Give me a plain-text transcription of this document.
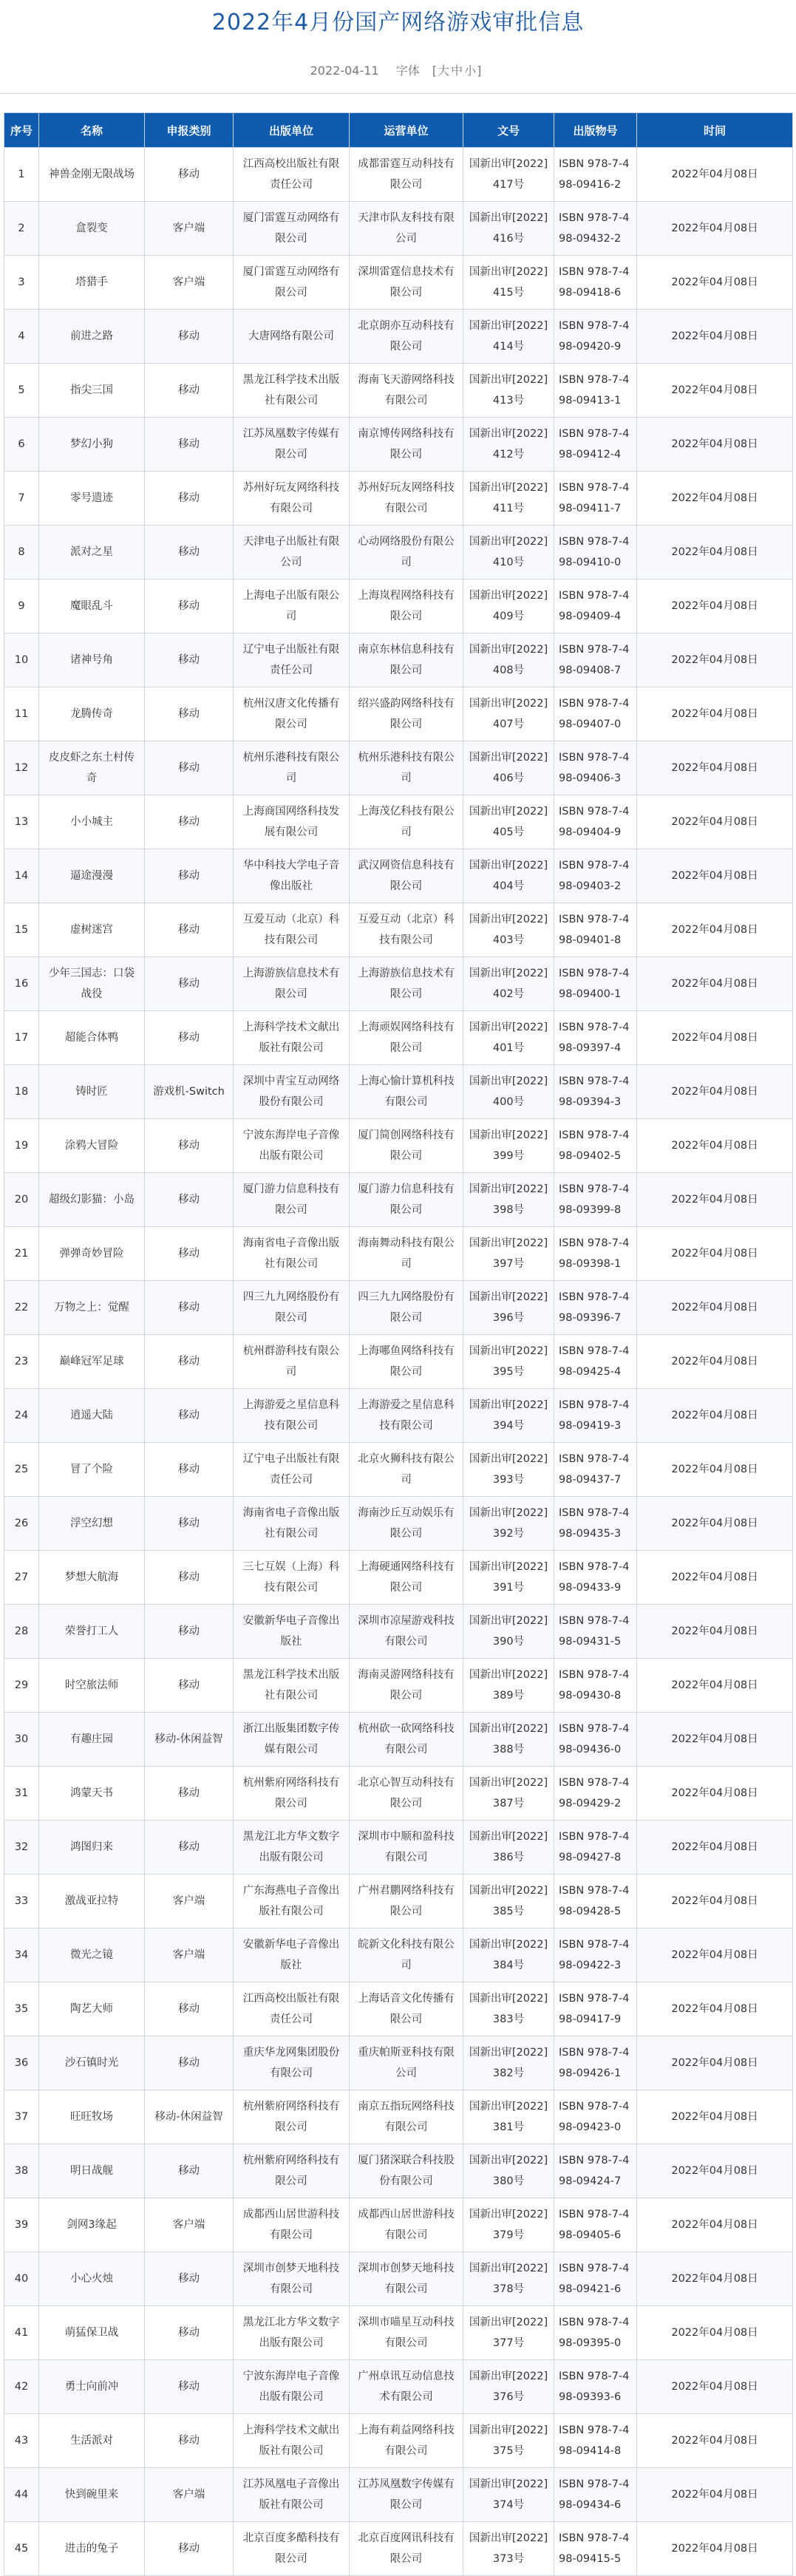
2022年4月份国产网络游戏审批信息
2022-04-11 字体 [大 中 小]
序号	名称	申报类别	出版单位	运营单位	文号	出版物号	时间
1	神兽金刚无限战场	移动	江西高校出版社有限责任公司	成都雷霆互动科技有限公司	国新出审[2022]417号	ISBN 978-7-498-09416-2	2022年04月08日
2	盒裂变	客户端	厦门雷霆互动网络有限公司	天津市队友科技有限公司	国新出审[2022]416号	ISBN 978-7-498-09432-2	2022年04月08日
3	塔猎手	客户端	厦门雷霆互动网络有限公司	深圳雷霆信息技术有限公司	国新出审[2022]415号	ISBN 978-7-498-09418-6	2022年04月08日
4	前进之路	移动	大唐网络有限公司	北京朗亦互动科技有限公司	国新出审[2022]414号	ISBN 978-7-498-09420-9	2022年04月08日
5	指尖三国	移动	黑龙江科学技术出版社有限公司	海南飞天游网络科技有限公司	国新出审[2022]413号	ISBN 978-7-498-09413-1	2022年04月08日
6	梦幻小狗	移动	江苏凤凰数字传媒有限公司	南京博传网络科技有限公司	国新出审[2022]412号	ISBN 978-7-498-09412-4	2022年04月08日
7	零号遗迹	移动	苏州好玩友网络科技有限公司	苏州好玩友网络科技有限公司	国新出审[2022]411号	ISBN 978-7-498-09411-7	2022年04月08日
8	派对之星	移动	天津电子出版社有限公司	心动网络股份有限公司	国新出审[2022]410号	ISBN 978-7-498-09410-0	2022年04月08日
9	魔眼乱斗	移动	上海电子出版有限公司	上海岚程网络科技有限公司	国新出审[2022]409号	ISBN 978-7-498-09409-4	2022年04月08日
10	诸神号角	移动	辽宁电子出版社有限责任公司	南京东林信息科技有限公司	国新出审[2022]408号	ISBN 978-7-498-09408-7	2022年04月08日
11	龙腾传奇	移动	杭州汉唐文化传播有限公司	绍兴盛韵网络科技有限公司	国新出审[2022]407号	ISBN 978-7-498-09407-0	2022年04月08日
12	皮皮虾之东土村传奇	移动	杭州乐港科技有限公司	杭州乐港科技有限公司	国新出审[2022]406号	ISBN 978-7-498-09406-3	2022年04月08日
13	小小城主	移动	上海商国网络科技发展有限公司	上海茂亿科技有限公司	国新出审[2022]405号	ISBN 978-7-498-09404-9	2022年04月08日
14	逼途漫漫	移动	华中科技大学电子音像出版社	武汉网资信息科技有限公司	国新出审[2022]404号	ISBN 978-7-498-09403-2	2022年04月08日
15	虚树迷宫	移动	互爱互动（北京）科技有限公司	互爱互动（北京）科技有限公司	国新出审[2022]403号	ISBN 978-7-498-09401-8	2022年04月08日
16	少年三国志：口袋战役	移动	上海游族信息技术有限公司	上海游族信息技术有限公司	国新出审[2022]402号	ISBN 978-7-498-09400-1	2022年04月08日
17	超能合体鸭	移动	上海科学技术文献出版社有限公司	上海顽娱网络科技有限公司	国新出审[2022]401号	ISBN 978-7-498-09397-4	2022年04月08日
18	铸时匠	游戏机-Switch	深圳中青宝互动网络股份有限公司	上海心愉计算机科技有限公司	国新出审[2022]400号	ISBN 978-7-498-09394-3	2022年04月08日
19	涂鸦大冒险	移动	宁波东海岸电子音像出版有限公司	厦门简创网络科技有限公司	国新出审[2022]399号	ISBN 978-7-498-09402-5	2022年04月08日
20	超级幻影猫：小岛	移动	厦门游力信息科技有限公司	厦门游力信息科技有限公司	国新出审[2022]398号	ISBN 978-7-498-09399-8	2022年04月08日
21	弹弹奇妙冒险	移动	海南省电子音像出版社有限公司	海南舞动科技有限公司	国新出审[2022]397号	ISBN 978-7-498-09398-1	2022年04月08日
22	万物之上：觉醒	移动	四三九九网络股份有限公司	四三九九网络股份有限公司	国新出审[2022]396号	ISBN 978-7-498-09396-7	2022年04月08日
23	巅峰冠军足球	移动	杭州群游科技有限公司	上海哪鱼网络科技有限公司	国新出审[2022]395号	ISBN 978-7-498-09425-4	2022年04月08日
24	逍遥大陆	移动	上海游爱之星信息科技有限公司	上海游爱之星信息科技有限公司	国新出审[2022]394号	ISBN 978-7-498-09419-3	2022年04月08日
25	冒了个险	移动	辽宁电子出版社有限责任公司	北京火狮科技有限公司	国新出审[2022]393号	ISBN 978-7-498-09437-7	2022年04月08日
26	浮空幻想	移动	海南省电子音像出版社有限公司	海南沙丘互动娱乐有限公司	国新出审[2022]392号	ISBN 978-7-498-09435-3	2022年04月08日
27	梦想大航海	移动	三七互娱（上海）科技有限公司	上海硬通网络科技有限公司	国新出审[2022]391号	ISBN 978-7-498-09433-9	2022年04月08日
28	荣誉打工人	移动	安徽新华电子音像出版社	深圳市凉屋游戏科技有限公司	国新出审[2022]390号	ISBN 978-7-498-09431-5	2022年04月08日
29	时空旅法师	移动	黑龙江科学技术出版社有限公司	海南灵游网络科技有限公司	国新出审[2022]389号	ISBN 978-7-498-09430-8	2022年04月08日
30	有趣庄园	移动-休闲益智	浙江出版集团数字传媒有限公司	杭州砍一砍网络科技有限公司	国新出审[2022]388号	ISBN 978-7-498-09436-0	2022年04月08日
31	鸿蒙天书	移动	杭州紫府网络科技有限公司	北京心智互动科技有限公司	国新出审[2022]387号	ISBN 978-7-498-09429-2	2022年04月08日
32	鸿图归来	移动	黑龙江北方华文数字出版有限公司	深圳市中顺和盈科技有限公司	国新出审[2022]386号	ISBN 978-7-498-09427-8	2022年04月08日
33	激战亚拉特	客户端	广东海燕电子音像出版社有限公司	广州君鹏网络科技有限公司	国新出审[2022]385号	ISBN 978-7-498-09428-5	2022年04月08日
34	微光之镜	客户端	安徽新华电子音像出版社	皖新文化科技有限公司	国新出审[2022]384号	ISBN 978-7-498-09422-3	2022年04月08日
35	陶艺大师	移动	江西高校出版社有限责任公司	上海话音文化传播有限公司	国新出审[2022]383号	ISBN 978-7-498-09417-9	2022年04月08日
36	沙石镇时光	移动	重庆华龙网集团股份有限公司	重庆帕斯亚科技有限公司	国新出审[2022]382号	ISBN 978-7-498-09426-1	2022年04月08日
37	旺旺牧场	移动-休闲益智	杭州紫府网络科技有限公司	南京五指玩网络科技有限公司	国新出审[2022]381号	ISBN 978-7-498-09423-0	2022年04月08日
38	明日战舰	移动	杭州紫府网络科技有限公司	厦门猪深联合科技股份有限公司	国新出审[2022]380号	ISBN 978-7-498-09424-7	2022年04月08日
39	剑网3缘起	客户端	成都西山居世游科技有限公司	成都西山居世游科技有限公司	国新出审[2022]379号	ISBN 978-7-498-09405-6	2022年04月08日
40	小心火烛	移动	深圳市创梦天地科技有限公司	深圳市创梦天地科技有限公司	国新出审[2022]378号	ISBN 978-7-498-09421-6	2022年04月08日
41	萌猛保卫战	移动	黑龙江北方华文数字出版有限公司	深圳市喵星互动科技有限公司	国新出审[2022]377号	ISBN 978-7-498-09395-0	2022年04月08日
42	勇士向前冲	移动	宁波东海岸电子音像出版有限公司	广州卓讯互动信息技术有限公司	国新出审[2022]376号	ISBN 978-7-498-09393-6	2022年04月08日
43	生活派对	移动	上海科学技术文献出版社有限公司	上海有莉益网络科技有限公司	国新出审[2022]375号	ISBN 978-7-498-09414-8	2022年04月08日
44	快到碗里来	客户端	江苏凤凰电子音像出版社有限公司	江苏凤凰数字传媒有限公司	国新出审[2022]374号	ISBN 978-7-498-09434-6	2022年04月08日
45	进击的兔子	移动	北京百度多酷科技有限公司	北京百度网讯科技有限公司	国新出审[2022]373号	ISBN 978-7-498-09415-5	2022年04月08日
